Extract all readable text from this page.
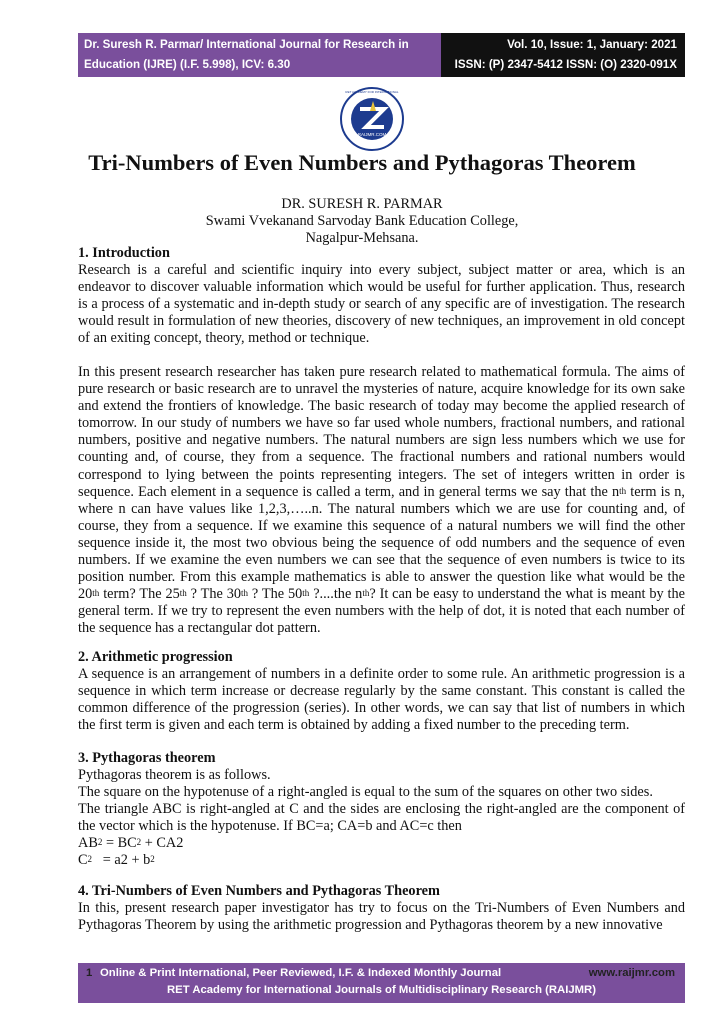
Dr. Suresh R. Parmar/ International Journal for Research in
Education (IJRE) (I.F. 5.998), ICV: 6.30
Vol. 10, Issue: 1, January: 2021
ISSN: (P) 2347-5412 ISSN: (O) 2320-091X
RAIJMR.COM
RET ACADEMY FOR INTERNATIONAL
Tri-Numbers of Even Numbers and Pythagoras Theorem
DR. SURESH R. PARMAR
Swami Vvekanand Sarvoday Bank Education College,
Nagalpur-Mehsana.
1. Introduction
Research is a careful and scientific inquiry into every subject, subject matter or area, which is an endeavor to discover valuable information which would be useful for further application. Thus, research is a process of a systematic and in-depth study or search of any specific are of investigation. The research would result in formulation of new theories, discovery of new techniques, an improvement in old concept of an exiting concept, theory, method or technique.
In this present research researcher has taken pure research related to mathematical formula. The aims of pure research or basic research are to unravel the mysteries of nature, acquire knowledge for its own sake and extend the frontiers of knowledge. The basic research of today may become the applied research of tomorrow. In our study of numbers we have so far used whole numbers, fractional numbers, and rational numbers, positive and negative numbers. The natural numbers are sign less numbers which we use for counting and, of course, they from a sequence. The fractional numbers and rational numbers would correspond to lying between the points representing integers. The set of integers written in order is sequence. Each element in a sequence is called a term, and in general terms we say that the $n^{th}$ term is n, where n can have values like 1,2,3,…..n. The natural numbers which we are use for counting and, of course, they from a sequence. If we examine this sequence of a natural numbers we will find the other sequence inside it, the most two obvious being the sequence of odd numbers and the sequence of even numbers. If we examine the even numbers we can see that the sequence of even numbers is twice to its position number. From this example mathematics is able to answer the question like what would be the 20th term? The 25th ? The 30th ? The 50th ?....the $n^{th}$? It can be easy to understand the what is meant by the general term. If we try to represent the even numbers with the help of dot, it is noted that each number of the sequence has a rectangular dot pattern.
2. Arithmetic progression
A sequence is an arrangement of numbers in a definite order to some rule. An arithmetic progression is a sequence in which term increase or decrease regularly by the same constant. This constant is called the common difference of the progression (series). In other words, we can say that list of numbers in which the first term is given and each term is obtained by adding a fixed number to the preceding term.
3. Pythagoras theorem
Pythagoras theorem is as follows.
The square on the hypotenuse of a right-angled is equal to the sum of the squares on other two sides.
The triangle ABC is right-angled at C and the sides are enclosing the right-angled are the component of the vector which is the hypotenuse. If BC=a; CA=b and AC=c then
$AB^2 = BC^2 + CA2$
$C^2 = a2 + b^2$
4. Tri-Numbers of Even Numbers and Pythagoras Theorem
In this, present research paper investigator has try to focus on the Tri-Numbers of Even Numbers and Pythagoras Theorem by using the arithmetic progression and Pythagoras theorem by a new innovative
1 Online & Print International, Peer Reviewed, I.F. & Indexed Monthly Journal	www.raijmr.com
RET Academy for International Journals of Multidisciplinary Research (RAIJMR)
